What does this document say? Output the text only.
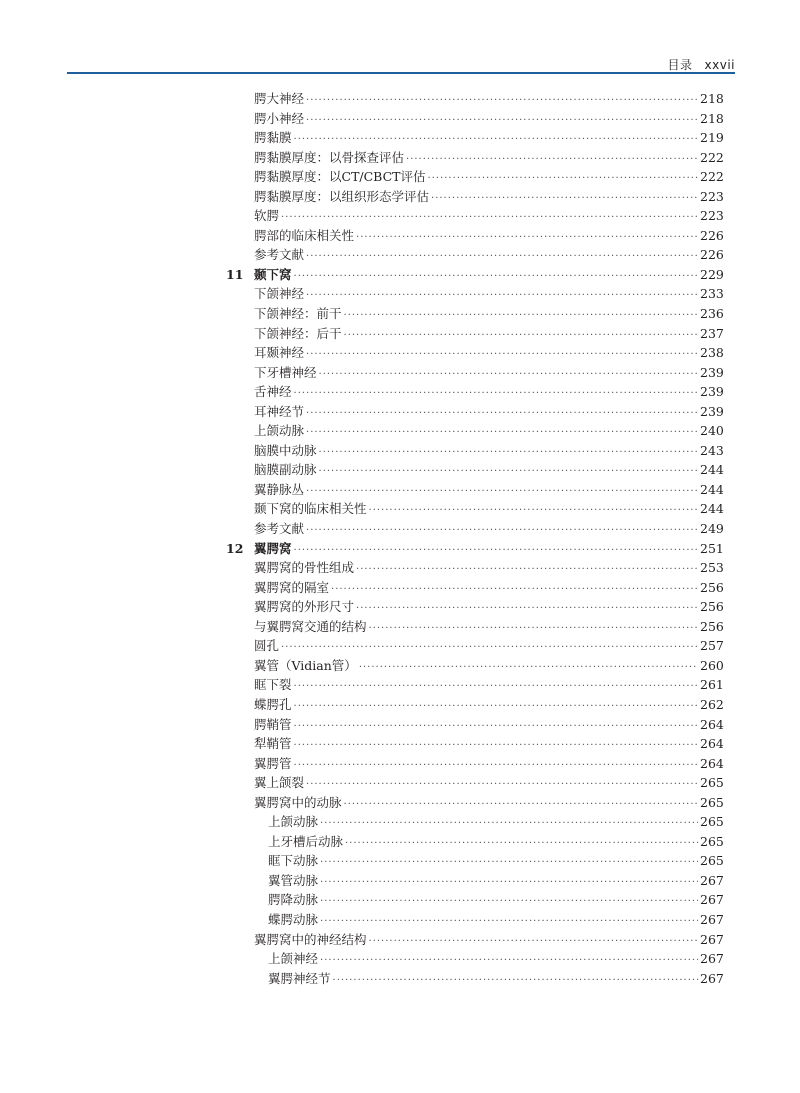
目录 xxvii
腭大神经 ·····	218
腭小神经 ·····	218
腭黏膜 ·····	219
腭黏膜厚度：以骨探查评估 ·····	222
腭黏膜厚度：以CT/CBCT评估 ·····	222
腭黏膜厚度：以组织形态学评估 ·····	223
软腭 ·····	223
腭部的临床相关性 ·····	226
参考文献 ·····	226
11 颞下窝 ·····	229
下颌神经 ·····	233
下颌神经：前干 ·····	236
下颌神经：后干 ·····	237
耳颞神经 ·····	238
下牙槽神经 ·····	239
舌神经 ·····	239
耳神经节 ·····	239
上颌动脉 ·····	240
脑膜中动脉 ·····	243
脑膜副动脉 ·····	244
翼静脉丛 ·····	244
颞下窝的临床相关性 ·····	244
参考文献 ·····	249
12 翼腭窝 ·····	251
翼腭窝的骨性组成 ·····	253
翼腭窝的隔室 ·····	256
翼腭窝的外形尺寸 ·····	256
与翼腭窝交通的结构 ·····	256
圆孔 ·····	257
翼管（Vidian管） ·····	260
眶下裂 ·····	261
蝶腭孔 ·····	262
腭鞘管 ·····	264
犁鞘管 ·····	264
翼腭管 ·····	264
翼上颌裂 ·····	265
翼腭窝中的动脉 ·····	265
上颌动脉 ·····	265
上牙槽后动脉 ·····	265
眶下动脉 ·····	265
翼管动脉 ·····	267
腭降动脉 ·····	267
蝶腭动脉 ·····	267
翼腭窝中的神经结构 ·····	267
上颌神经 ·····	267
翼腭神经节 ·····	267
